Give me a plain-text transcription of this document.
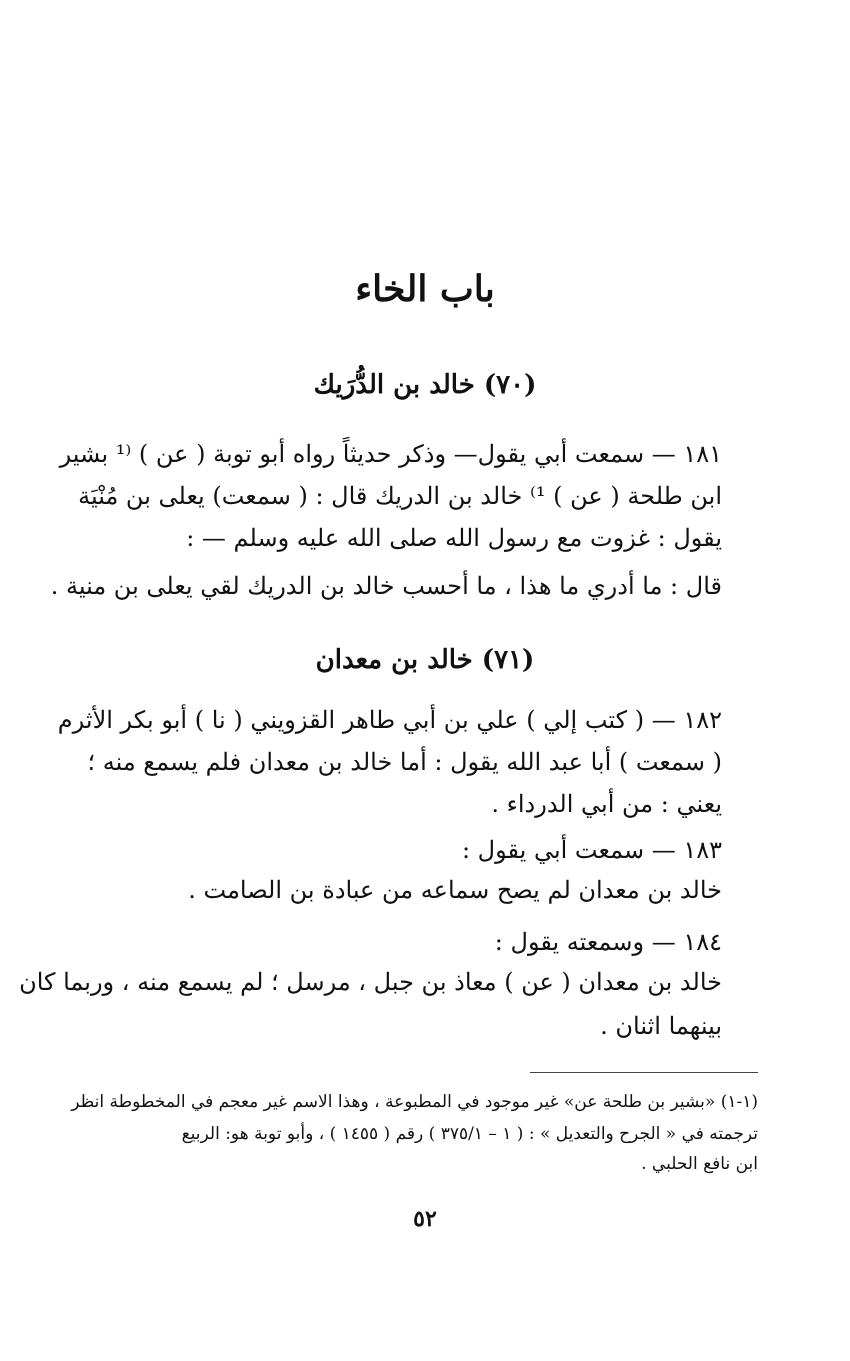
باب الخاء
(٧٠) خالد بن الدُّرَيك
١٨١ — سمعت أبي يقول— وذكر حديثاً رواه أبو توبة ( عن ) ⁽¹ بشير
ابن طلحة ( عن ) ¹⁾ خالد بن الدريك قال : ( سمعت) يعلى بن مُنْيَة
يقول : غزوت مع رسول الله صلى الله عليه وسلم — :
قال : ما أدري ما هذا ، ما أحسب خالد بن الدريك لقي يعلى بن منية .
(٧١) خالد بن معدان
١٨٢ — ( كتب إلي ) علي بن أبي طاهر القزويني ( نا ) أبو بكر الأثرم
( سمعت ) أبا عبد الله يقول : أما خالد بن معدان فلم يسمع منه ؛
يعني : من أبي الدرداء .
١٨٣ — سمعت أبي يقول :
خالد بن معدان لم يصح سماعه من عبادة بن الصامت .
١٨٤ — وسمعته يقول :
خالد بن معدان ( عن ) معاذ بن جبل ، مرسل ؛ لم يسمع منه ، وربما كان
بينهما اثنان .
(١-١) «بشير بن طلحة عن» غير موجود في المطبوعة ، وهذا الاسم غير معجم في المخطوطة انظر
ترجمته في « الجرح والتعديل » : ( ١ – ٣٧٥/١ ) رقم ( ١٤٥٥ ) ، وأبو توبة هو: الربيع
ابن نافع الحلبي .
٥٢
